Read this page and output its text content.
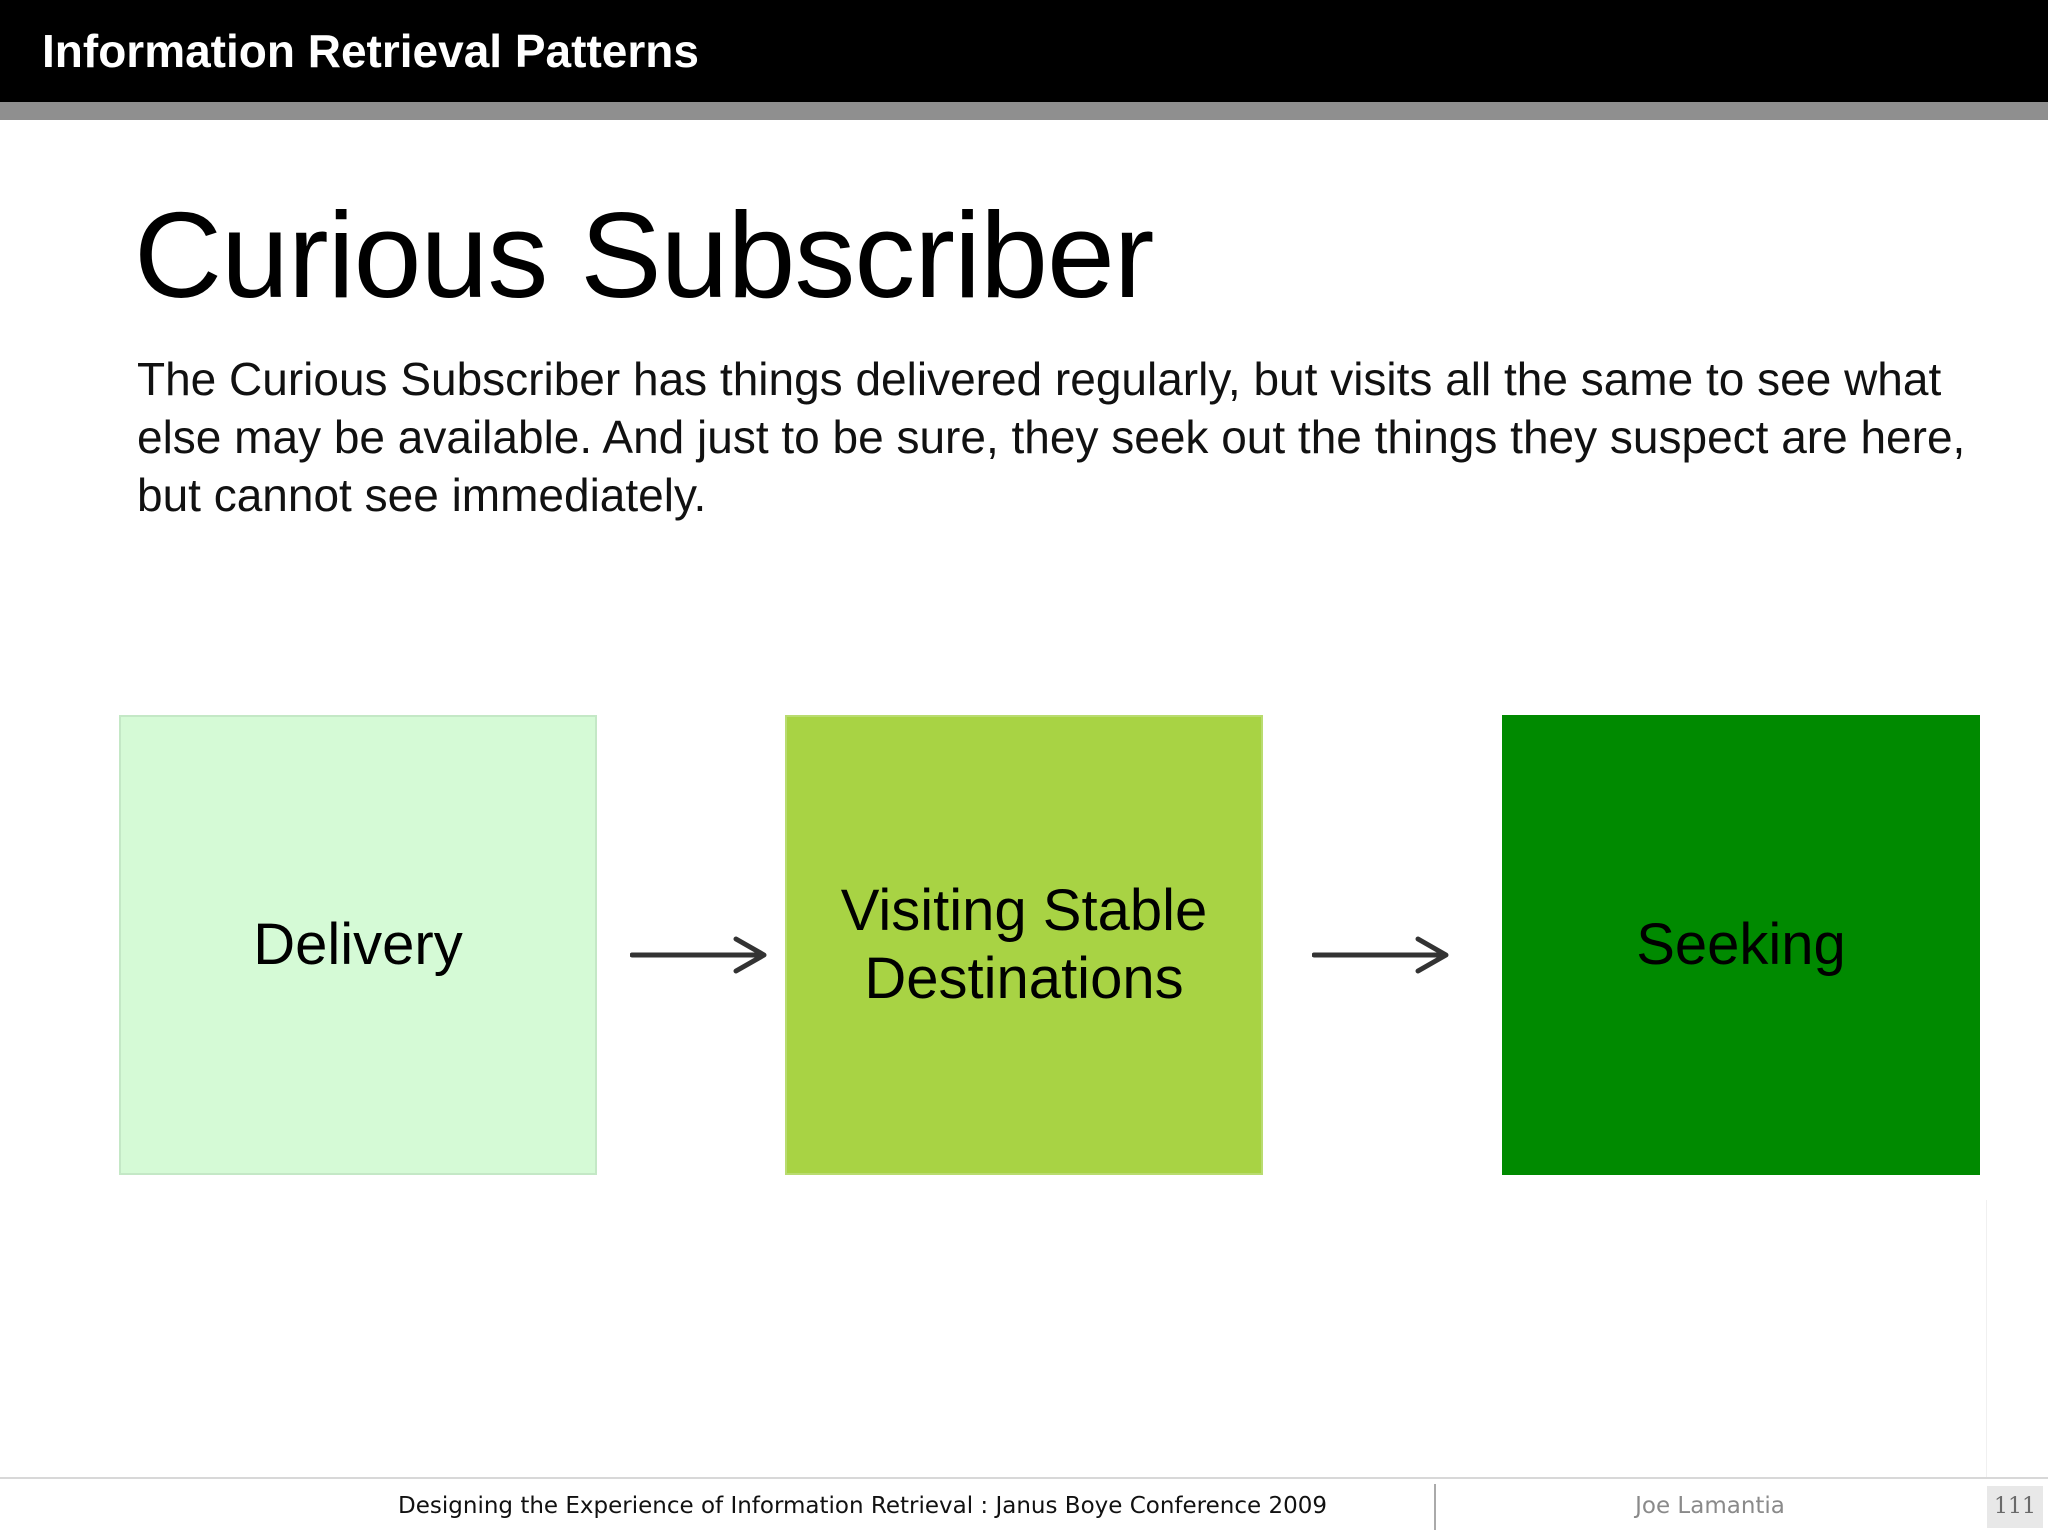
Information Retrieval Patterns
Curious Subscriber

The Curious Subscriber has things delivered regularly, but visits all the same to see what else may be available. And just to be sure, they seek out the things they suspect are here, but cannot see immediately.

Delivery
Visiting Stable
Destinations
Seeking
Designing the Experience of Information Retrieval : Janus Boye Conference 2009	Joe Lamantia	111
